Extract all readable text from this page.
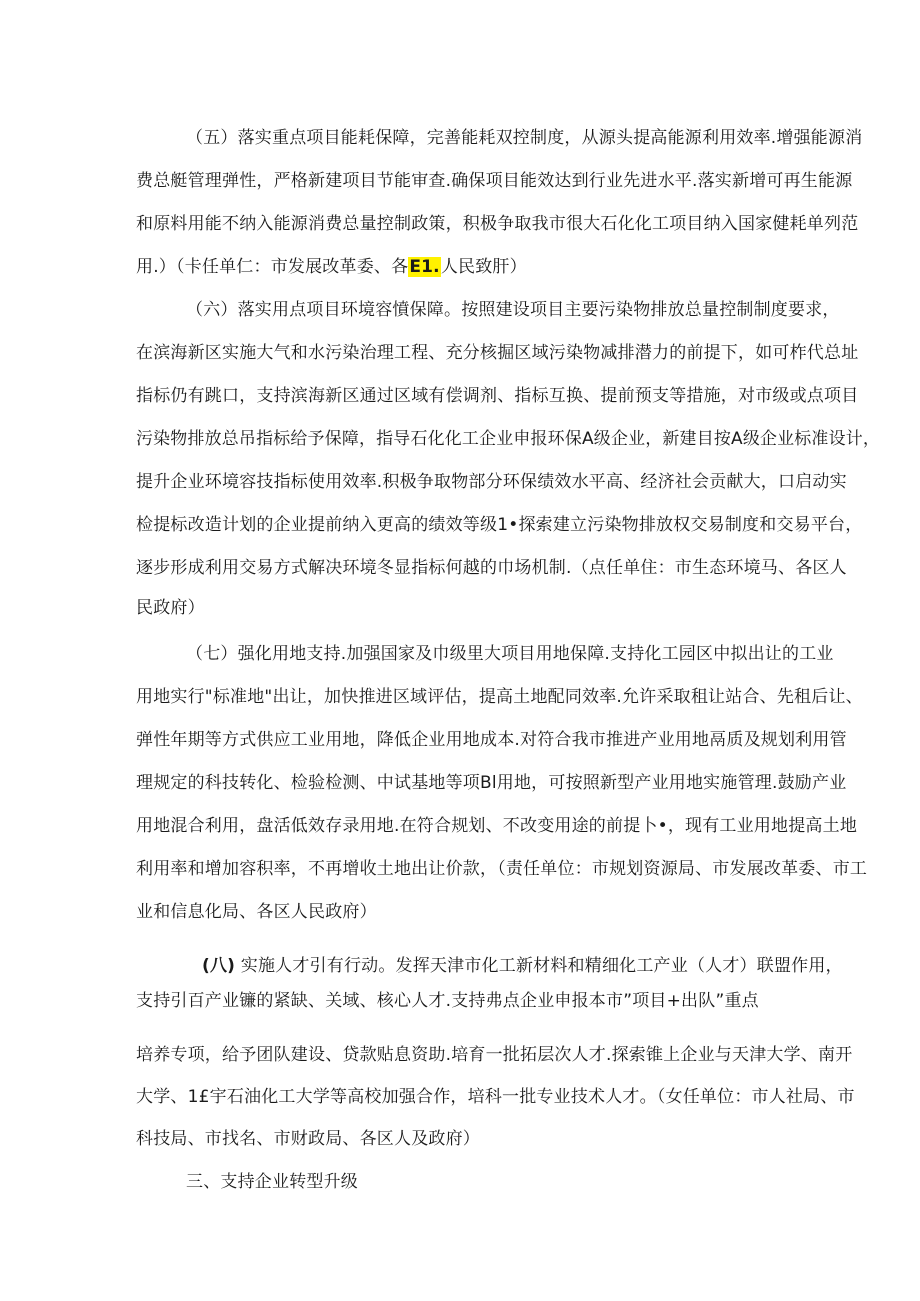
（五）落实重点项目能耗保障，完善能耗双控制度，从源头提高能源利用效率.增强能源消
费总艇管理弹性，严格新建项目节能审查.确保项目能效达到行业先进水平.落实新增可再生能源
和原料用能不纳入能源消费总量控制政策，积极争取我市很大石化化工项目纳入国家健耗单列范
用.）（卡任单仁：市发展改革委、各E1.人民致肝）
（六）落实用点项目环境容憤保障。按照建设项目主要污染物排放总量控制制度要求，
在滨海新区实施大气和水污染治理工程、充分核掘区域污染物减排潜力的前提下，如可柞代总址
指标仍有跳口，支持滨海新区通过区域有偿调剂、指标互换、提前预支等措施，对市级或点项目
污染物排放总吊指标给予保障，指导石化化工企业申报环保A级企业，新建目按A级企业标准设计，
提升企业环境容技指标使用效率.积极争取物部分环保绩效水平高、经济社会贡献大，口启动实
检提标改造计划的企业提前纳入更高的绩效等级1•探索建立污染物排放权交易制度和交易平台，
逐步形成利用交易方式解决环境冬显指标何越的巾场机制.（点任单住：市生态环境马、各区人
民政府）
（七）强化用地支持.加强国家及巾级里大项目用地保障.支持化工园区中拟出让的工业
用地实行"标准地"出让，加快推进区域评估，提高土地配同效率.允许采取租让站合、先租后让、
弹性年期等方式供应工业用地，降低企业用地成本.对符合我市推进产业用地鬲质及规划利用管
理规定的科技转化、检验检测、中试基地等项Bl用地，可按照新型产业用地实施管理.鼓励产业
用地混合利用，盘活低效存录用地.在符合规划、不改变用途的前提卜•，现有工业用地提高土地
利用率和增加容积率，不再增收土地出让价款，（责任单位：市规划资源局、市发展改革委、市工
业和信息化局、各区人民政府）
(八) 实施人才引有行动。发挥天津市化工新材料和精细化工产业（人才）联盟作用，
支持引百产业镰的紧缺、关域、核心人才.支持弗点企业申报本市”项目+出队”重点
培养专项，给予团队建设、贷款贴息资助.培育一批拓层次人才.探索锥上企业与天津大学、南开
大学、1£宇石油化工大学等高校加强合作，培科一批专业技术人才。（女任单位：市人社局、市
科技局、市找名、市财政局、各区人及政府）
三、支持企业转型升级
